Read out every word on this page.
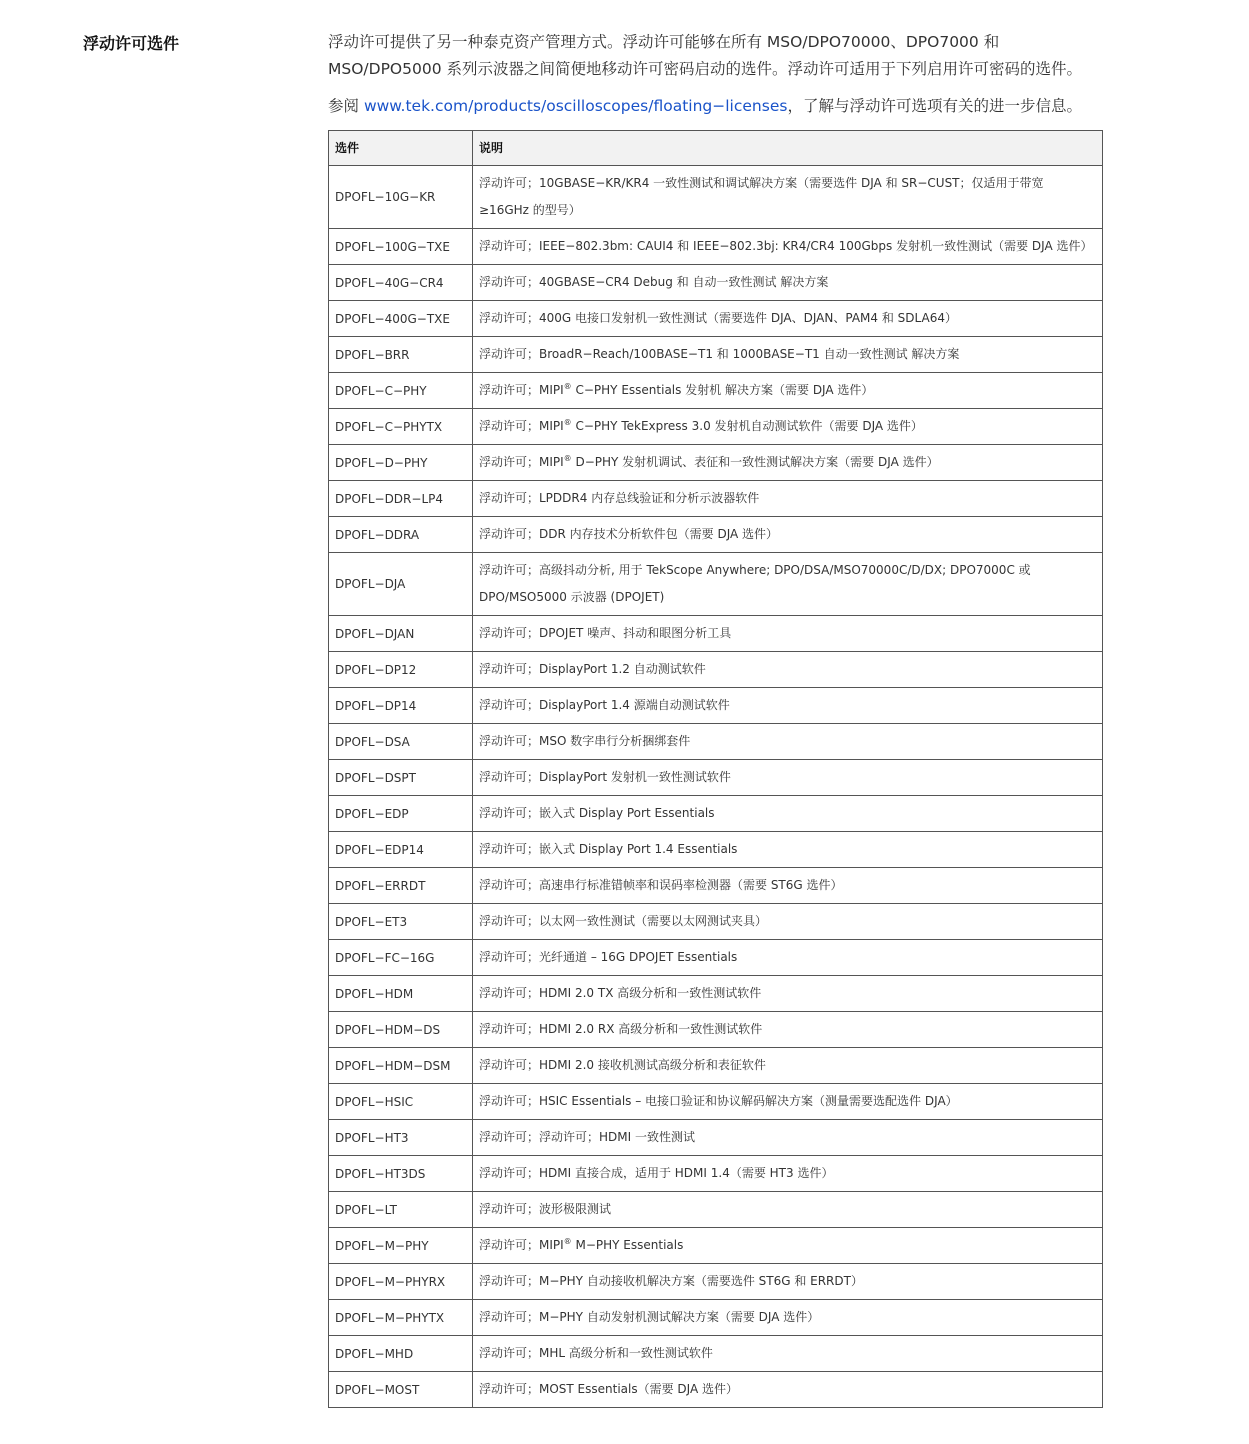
浮动许可选件	浮动许可提供了另一种泰克资产管理方式。浮动许可能够在所有 MSO/DPO70000、DPO7000 和 MSO/DPO5000 系列示波器之间简便地移动许可密码启动的选件。浮动许可适用于下列启用许可密码的选件。

参阅 www.tek.com/products/oscilloscopes/floating−licenses，了解与浮动许可选项有关的进一步信息。

选件	说明
DPOFL−10G−KR	浮动许可；10GBASE−KR/KR4 一致性测试和调试解决方案（需要选件 DJA 和 SR−CUST；仅适用于带宽 ≥16GHz 的型号）
DPOFL−100G−TXE	浮动许可；IEEE−802.3bm: CAUI4 和 IEEE−802.3bj: KR4/CR4 100Gbps 发射机一致性测试（需要 DJA 选件）
DPOFL−40G−CR4	浮动许可；40GBASE−CR4 Debug 和 自动一致性测试 解决方案
DPOFL−400G−TXE	浮动许可；400G 电接口发射机一致性测试（需要选件 DJA、DJAN、PAM4 和 SDLA64）
DPOFL−BRR	浮动许可；BroadR−Reach/100BASE−T1 和 1000BASE−T1 自动一致性测试 解决方案
DPOFL−C−PHY	浮动许可；MIPI® C−PHY Essentials 发射机 解决方案（需要 DJA 选件）
DPOFL−C−PHYTX	浮动许可；MIPI® C−PHY TekExpress 3.0 发射机自动测试软件（需要 DJA 选件）
DPOFL−D−PHY	浮动许可；MIPI® D−PHY 发射机调试、表征和一致性测试解决方案（需要 DJA 选件）
DPOFL−DDR−LP4	浮动许可；LPDDR4 内存总线验证和分析示波器软件
DPOFL−DDRA	浮动许可；DDR 内存技术分析软件包（需要 DJA 选件）
DPOFL−DJA	浮动许可；高级抖动分析, 用于 TekScope Anywhere; DPO/DSA/MSO70000C/D/DX; DPO7000C 或 DPO/MSO5000 示波器 (DPOJET)
DPOFL−DJAN	浮动许可；DPOJET 噪声、抖动和眼图分析工具
DPOFL−DP12	浮动许可；DisplayPort 1.2 自动测试软件
DPOFL−DP14	浮动许可；DisplayPort 1.4 源端自动测试软件
DPOFL−DSA	浮动许可；MSO 数字串行分析捆绑套件
DPOFL−DSPT	浮动许可；DisplayPort 发射机一致性测试软件
DPOFL−EDP	浮动许可；嵌入式 Display Port Essentials
DPOFL−EDP14	浮动许可；嵌入式 Display Port 1.4 Essentials
DPOFL−ERRDT	浮动许可；高速串行标准错帧率和误码率检测器（需要 ST6G 选件）
DPOFL−ET3	浮动许可；以太网一致性测试（需要以太网测试夹具）
DPOFL−FC−16G	浮动许可；光纤通道 – 16G DPOJET Essentials
DPOFL−HDM	浮动许可；HDMI 2.0 TX 高级分析和一致性测试软件
DPOFL−HDM−DS	浮动许可；HDMI 2.0 RX 高级分析和一致性测试软件
DPOFL−HDM−DSM	浮动许可；HDMI 2.0 接收机测试高级分析和表征软件
DPOFL−HSIC	浮动许可；HSIC Essentials – 电接口验证和协议解码解决方案（测量需要选配选件 DJA）
DPOFL−HT3	浮动许可；浮动许可；HDMI 一致性测试
DPOFL−HT3DS	浮动许可；HDMI 直接合成，适用于 HDMI 1.4（需要 HT3 选件）
DPOFL−LT	浮动许可；波形极限测试
DPOFL−M−PHY	浮动许可；MIPI® M−PHY Essentials
DPOFL−M−PHYRX	浮动许可；M−PHY 自动接收机解决方案（需要选件 ST6G 和 ERRDT）
DPOFL−M−PHYTX	浮动许可；M−PHY 自动发射机测试解决方案（需要 DJA 选件）
DPOFL−MHD	浮动许可；MHL 高级分析和一致性测试软件
DPOFL−MOST	浮动许可；MOST Essentials（需要 DJA 选件）
